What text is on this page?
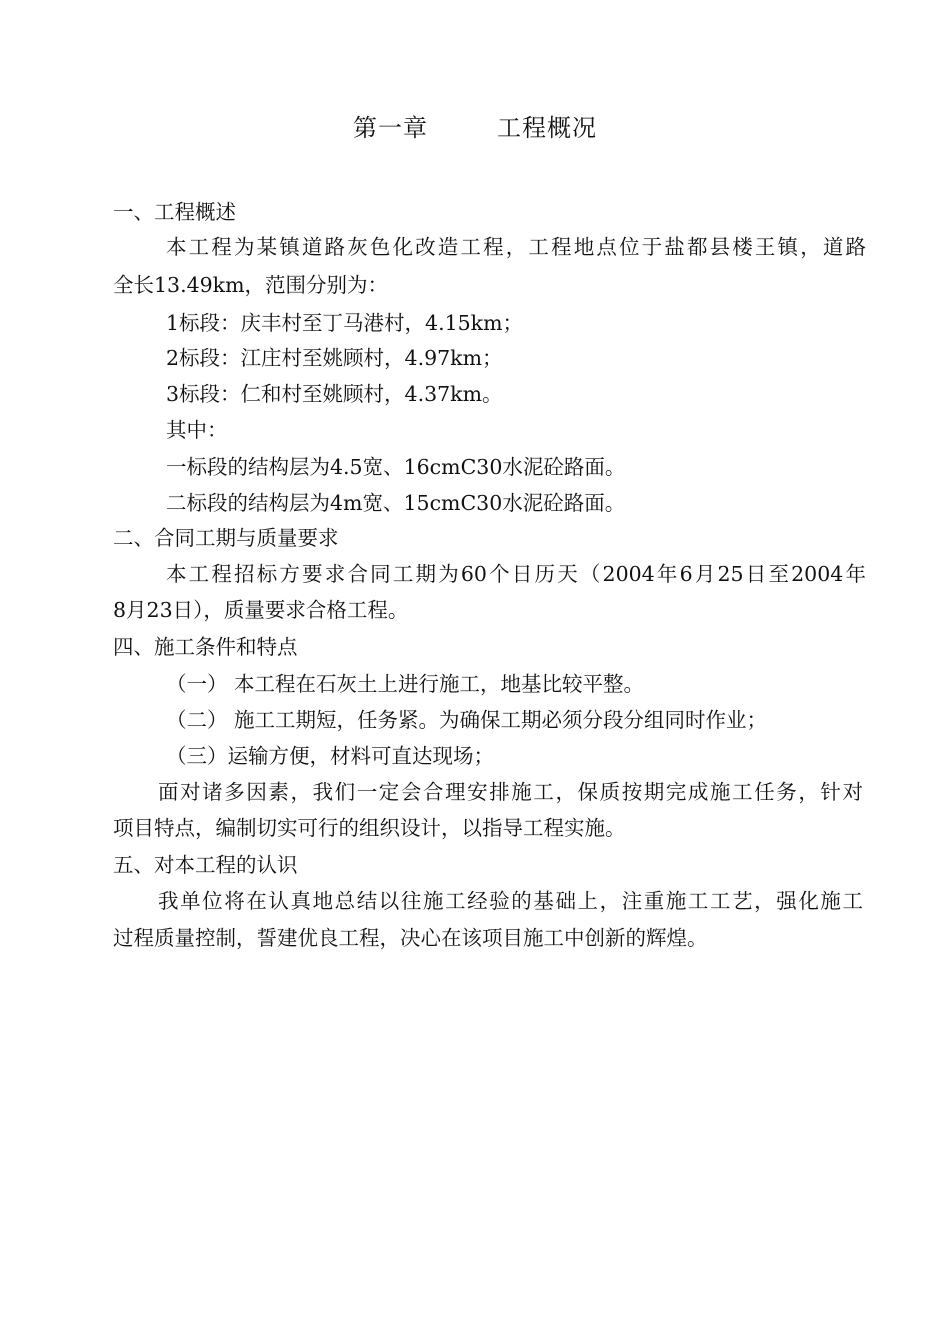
第一章        工程概况
一、工程概述
本工程为某镇道路灰色化改造工程，工程地点位于盐都县楼王镇，道路
全长13.49km，范围分别为：
1标段：庆丰村至丁马港村，4.15km；
2标段：江庄村至姚顾村，4.97km；
3标段：仁和村至姚顾村，4.37km。
其中：
一标段的结构层为4.5宽、16cmC30水泥砼路面。
二标段的结构层为4m宽、15cmC30水泥砼路面。
二、合同工期与质量要求
本工程招标方要求合同工期为60个日历天（2004年6月25日至2004年
8月23日），质量要求合格工程。
四、施工条件和特点
（一） 本工程在石灰土上进行施工，地基比较平整。
（二） 施工工期短，任务紧。为确保工期必须分段分组同时作业；
（三）运输方便，材料可直达现场；
面对诸多因素，我们一定会合理安排施工，保质按期完成施工任务，针对
项目特点，编制切实可行的组织设计，以指导工程实施。
五、对本工程的认识
我单位将在认真地总结以往施工经验的基础上，注重施工工艺，强化施工
过程质量控制，誓建优良工程，决心在该项目施工中创新的辉煌。
